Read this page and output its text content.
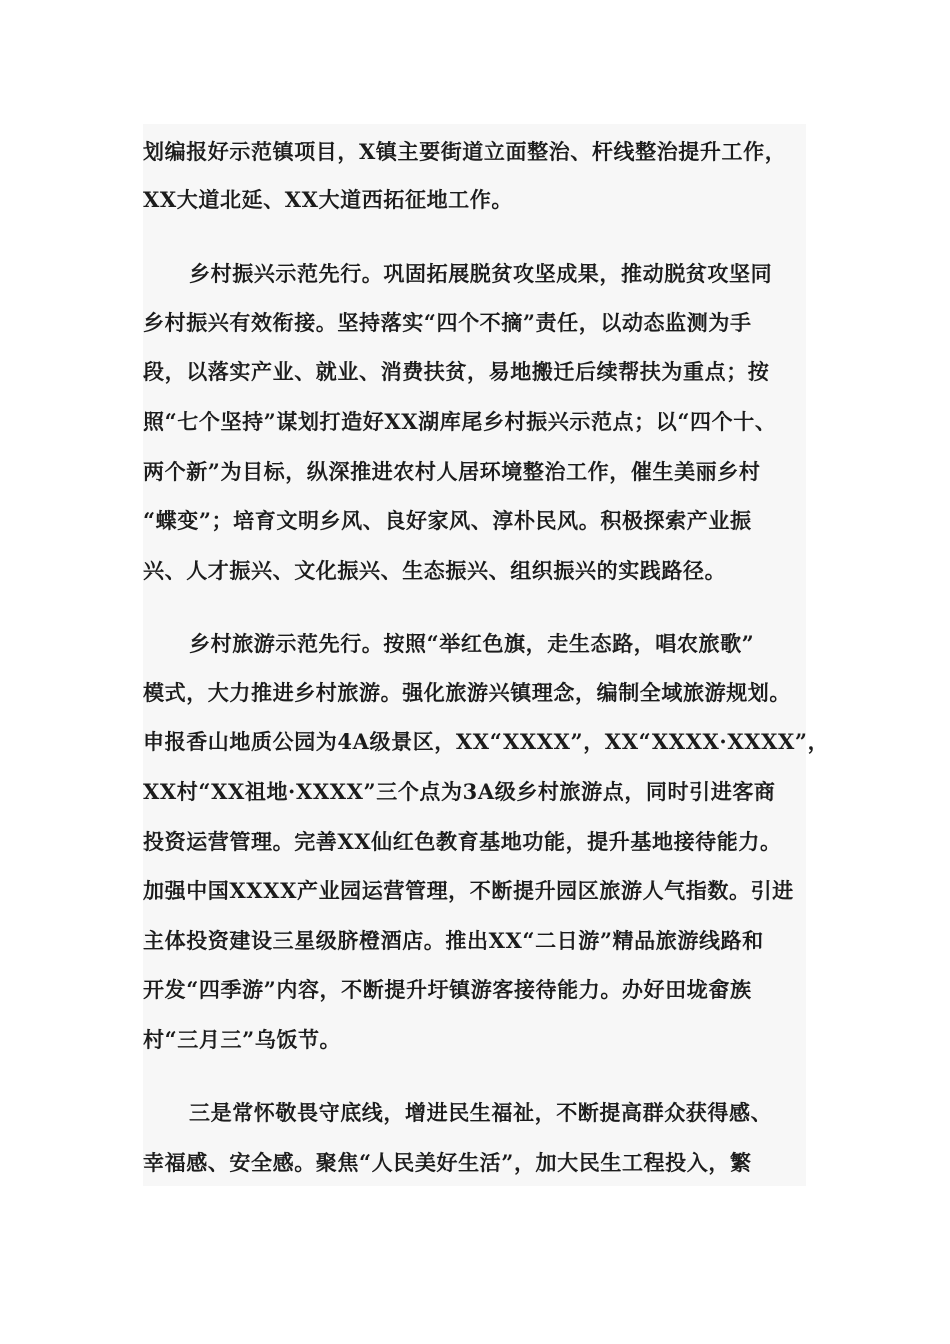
划编报好示范镇项目，X镇主要街道立面整治、杆线整治提升工作，
XX大道北延、XX大道西拓征地工作。
乡村振兴示范先行。巩固拓展脱贫攻坚成果，推动脱贫攻坚同
乡村振兴有效衔接。坚持落实“四个不摘”责任，以动态监测为手
段，以落实产业、就业、消费扶贫，易地搬迁后续帮扶为重点；按
照“七个坚持”谋划打造好XX湖库尾乡村振兴示范点；以“四个十、
两个新”为目标，纵深推进农村人居环境整治工作，催生美丽乡村
“蝶变”；培育文明乡风、良好家风、淳朴民风。积极探索产业振
兴、人才振兴、文化振兴、生态振兴、组织振兴的实践路径。
乡村旅游示范先行。按照“举红色旗，走生态路，唱农旅歌”
模式，大力推进乡村旅游。强化旅游兴镇理念，编制全域旅游规划。
申报香山地质公园为4A级景区，XX“XXXX”，XX“XXXX·XXXX”，
XX村“XX祖地·XXXX”三个点为3A级乡村旅游点，同时引进客商
投资运营管理。完善XX仙红色教育基地功能，提升基地接待能力。
加强中国XXXX产业园运营管理，不断提升园区旅游人气指数。引进
主体投资建设三星级脐橙酒店。推出XX“二日游”精品旅游线路和
开发“四季游”内容，不断提升圩镇游客接待能力。办好田垅畲族
村“三月三”乌饭节。
三是常怀敬畏守底线，增进民生福祉，不断提高群众获得感、
幸福感、安全感。聚焦“人民美好生活”，加大民生工程投入，繁
